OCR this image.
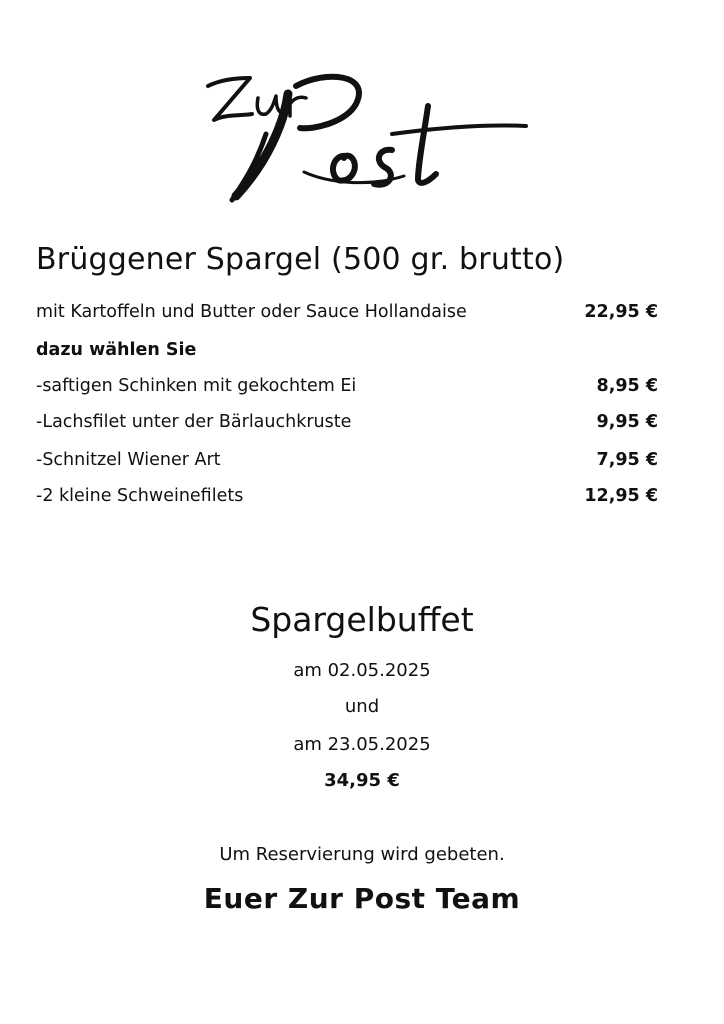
Brüggener Spargel (500 gr. brutto)
mit Kartoffeln und Butter oder Sauce Hollandaise	22,95 €
dazu wählen Sie
-saftigen Schinken mit gekochtem Ei	8,95 €
-Lachsfilet unter der Bärlauchkruste	9,95 €
-Schnitzel Wiener Art	7,95 €
-2 kleine Schweinefilets	12,95 €
Spargelbuffet
am 02.05.2025
und
am 23.05.2025
34,95 €
Um Reservierung wird gebeten.
Euer Zur Post Team
